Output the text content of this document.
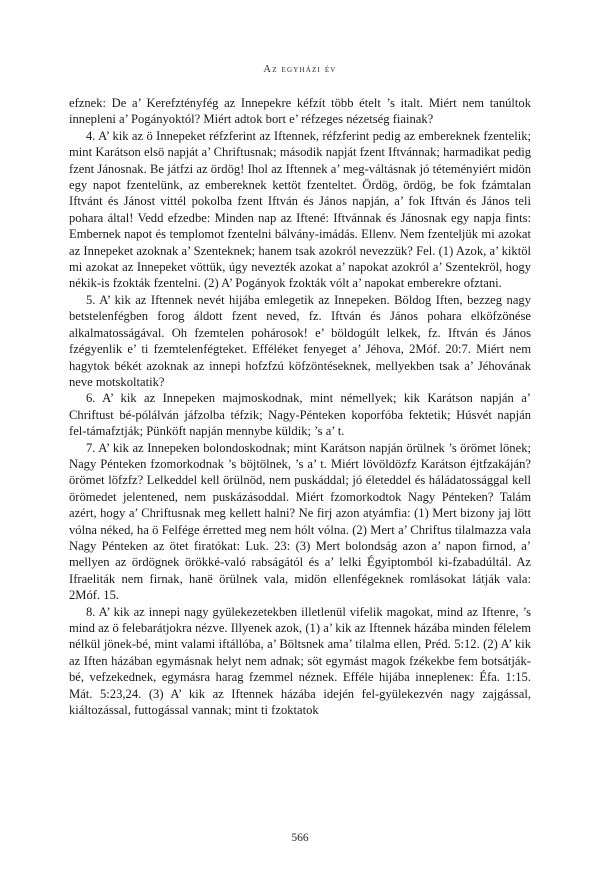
Az egyházi év

efznek: De a’ Kerefztényfég az Innepekre kéfzít több ételt ’s italt. Miért nem tanúltok innepleni a’ Pogányoktól? Miért adtok bort e’ réfzeges nézetség fiainak?

4. A’ kik az ö Innepeket réfzferint az Iftennek, réfzferint pedig az embereknek fzentelik; mint Karátson elsö napját a’ Chriftusnak; második napját fzent Iftvánnak; harmadikat pedig fzent Jánosnak. Be játfzi az ördög! Ihol az Iftennek a’ meg-váltásnak jó téteményiért midön egy napot fzentelünk, az embereknek kettöt fzenteltet. Ördög, ördög, be fok fzámtalan Iftvánt és Jánost vittél pokolba fzent Iftván és János napján, a’ fok Iftván és János teli pohara által! Vedd efzedbe: Minden nap az Iftené: Iftvánnak és Jánosnak egy napja fints: Embernek napot és templomot fzentelni bálvány-imádás. Ellenv. Nem fzenteljük mi azokat az Innepeket azoknak a’ Szenteknek; hanem tsak azokról nevezzük? Fel. (1) Azok, a’ kiktöl mi azokat az Innepeket vöttük, úgy nevezték azokat a’ napokat azokról a’ Szentekröl, hogy nékik-is fzokták fzentelni. (2) A’ Pogányok fzokták vólt a’ napokat emberekre ofztani.

5. A’ kik az Iftennek nevét hijába emlegetik az Innepeken. Böldog Iften, bezzeg nagy betstelenfégben forog áldott fzent neved, fz. Iftván és János pohara elköfzönése alkalmatosságával. Oh fzemtelen pohárosok! e’ böldogúlt lelkek, fz. Iftván és János fzégyenlik e’ ti fzemtelenfégteket. Efféléket fenyeget a’ Jéhova, 2Móf. 20:7. Miért nem hagytok békét azoknak az innepi hofzfzú köfzöntéseknek, mellyekben tsak a’ Jéhovának neve motskoltatik?

6. A’ kik az Innepeken majmoskodnak, mint némellyek; kik Karátson napján a’ Chriftust bé-pólálván jáfzolba téfzik; Nagy-Pénteken koporfóba fektetik; Húsvét napján fel-támafztják; Pünköft napján mennybe küldik; ’s a’ t.

7. A’ kik az Innepeken bolondoskodnak; mint Karátson napján örülnek ’s örömet lönek; Nagy Pénteken fzomorkodnak ’s böjtölnek, ’s a’ t. Miért lövöldözfz Karátson éjtfzakáján? örömet löfzfz? Lelkeddel kell örülnöd, nem puskáddal; jó életeddel és háládatossággal kell örömedet jelentened, nem puskázásoddal. Miért fzomorkodtok Nagy Pénteken? Talám azért, hogy a’ Chriftusnak meg kellett halni? Ne firj azon atyámfia: (1) Mert bizony jaj lött vólna néked, ha ö Felfége érretted meg nem hólt vólna. (2) Mert a’ Chriftus tilalmazza vala Nagy Pénteken az ötet firatókat: Luk. 23: (3) Mert bolondság azon a’ napon firnod, a’ mellyen az ördögnek örökké-való rabságától és a’ lelki Égyiptomból ki-fzabadúltál. Az Ifraeliták nem firnak, hanë örülnek vala, midön ellenfégeknek romlásokat látják vala: 2Móf. 15.

8. A’ kik az innepi nagy gyülekezetekben illetlenül vifelik magokat, mind az Iftenre, ’s mind az ö felebarátjokra nézve. Illyenek azok, (1) a’ kik az Iftennek házába minden félelem nélkül jönek-bé, mint valami iftállóba, a’ Böltsnek ama’ tilalma ellen, Préd. 5:12. (2) A’ kik az Iften házában egymásnak helyt nem adnak; söt egymást magok fzékekbe fem botsátják-bé, vefzekednek, egymásra harag fzemmel néznek. Efféle hijába innepleneк: Éfa. 1:15. Mát. 5:23,24. (3) A’ kik az Iftennek házába idején fel-gyülekezvén nagy zajgással, kiáltozással, futtogással vannak; mint ti fzoktatok

566
